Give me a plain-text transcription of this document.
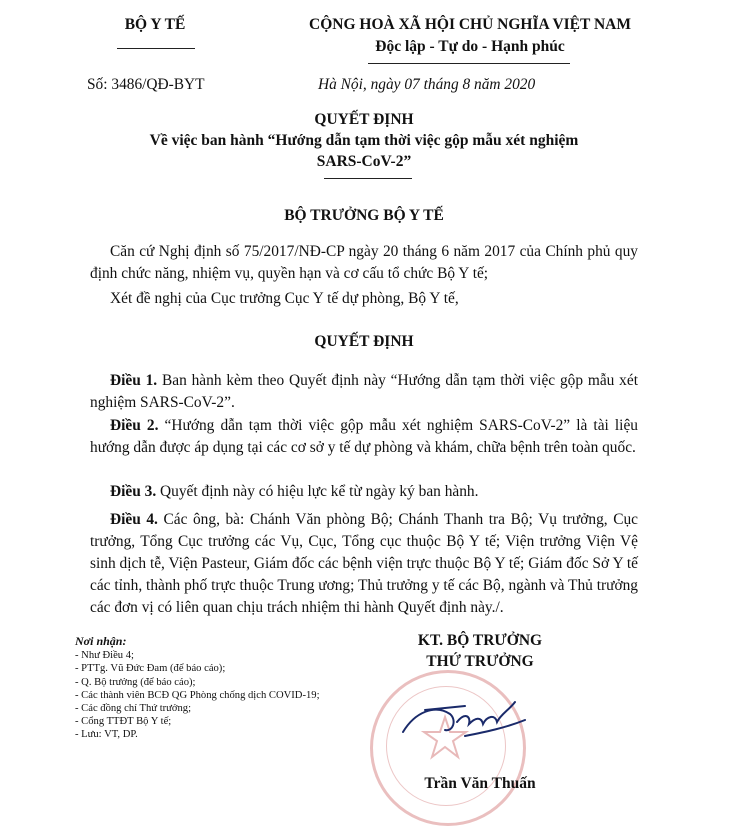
BỘ Y TẾ	CỘNG HOÀ XÃ HỘI CHỦ NGHĨA VIỆT NAM
Độc lập - Tự do - Hạnh phúc
Số: 3486/QĐ-BYT	Hà Nội, ngày 07 tháng 8 năm 2020
QUYẾT ĐỊNH
Về việc ban hành “Hướng dẫn tạm thời việc gộp mẫu xét nghiệm
SARS-CoV-2”
BỘ TRƯỞNG BỘ Y TẾ
Căn cứ Nghị định số 75/2017/NĐ-CP ngày 20 tháng 6 năm 2017 của Chính phủ quy định chức năng, nhiệm vụ, quyền hạn và cơ cấu tổ chức Bộ Y tế;
Xét đề nghị của Cục trưởng Cục Y tế dự phòng, Bộ Y tế,
QUYẾT ĐỊNH
Điều 1. Ban hành kèm theo Quyết định này “Hướng dẫn tạm thời việc gộp mẫu xét nghiệm SARS-CoV-2”.
Điều 2. “Hướng dẫn tạm thời việc gộp mẫu xét nghiệm SARS-CoV-2” là tài liệu hướng dẫn được áp dụng tại các cơ sở y tế dự phòng và khám, chữa bệnh trên toàn quốc.
Điều 3. Quyết định này có hiệu lực kể từ ngày ký ban hành.
Điều 4. Các ông, bà: Chánh Văn phòng Bộ; Chánh Thanh tra Bộ; Vụ trưởng, Cục trưởng, Tổng Cục trưởng các Vụ, Cục, Tổng cục thuộc Bộ Y tế; Viện trưởng Viện Vệ sinh dịch tễ, Viện Pasteur, Giám đốc các bệnh viện trực thuộc Bộ Y tế; Giám đốc Sở Y tế các tỉnh, thành phố trực thuộc Trung ương; Thủ trưởng y tế các Bộ, ngành và Thủ trưởng các đơn vị có liên quan chịu trách nhiệm thi hành Quyết định này./.
Nơi nhận:
- Như Điều 4;
- PTTg. Vũ Đức Đam (để báo cáo);
- Q. Bộ trưởng (để báo cáo);
- Các thành viên BCĐ QG Phòng chống dịch COVID-19;
- Các đồng chí Thứ trưởng;
- Cổng TTĐT Bộ Y tế;
- Lưu: VT, DP.
KT. BỘ TRƯỞNG
THỨ TRƯỞNG
Trần Văn Thuấn
